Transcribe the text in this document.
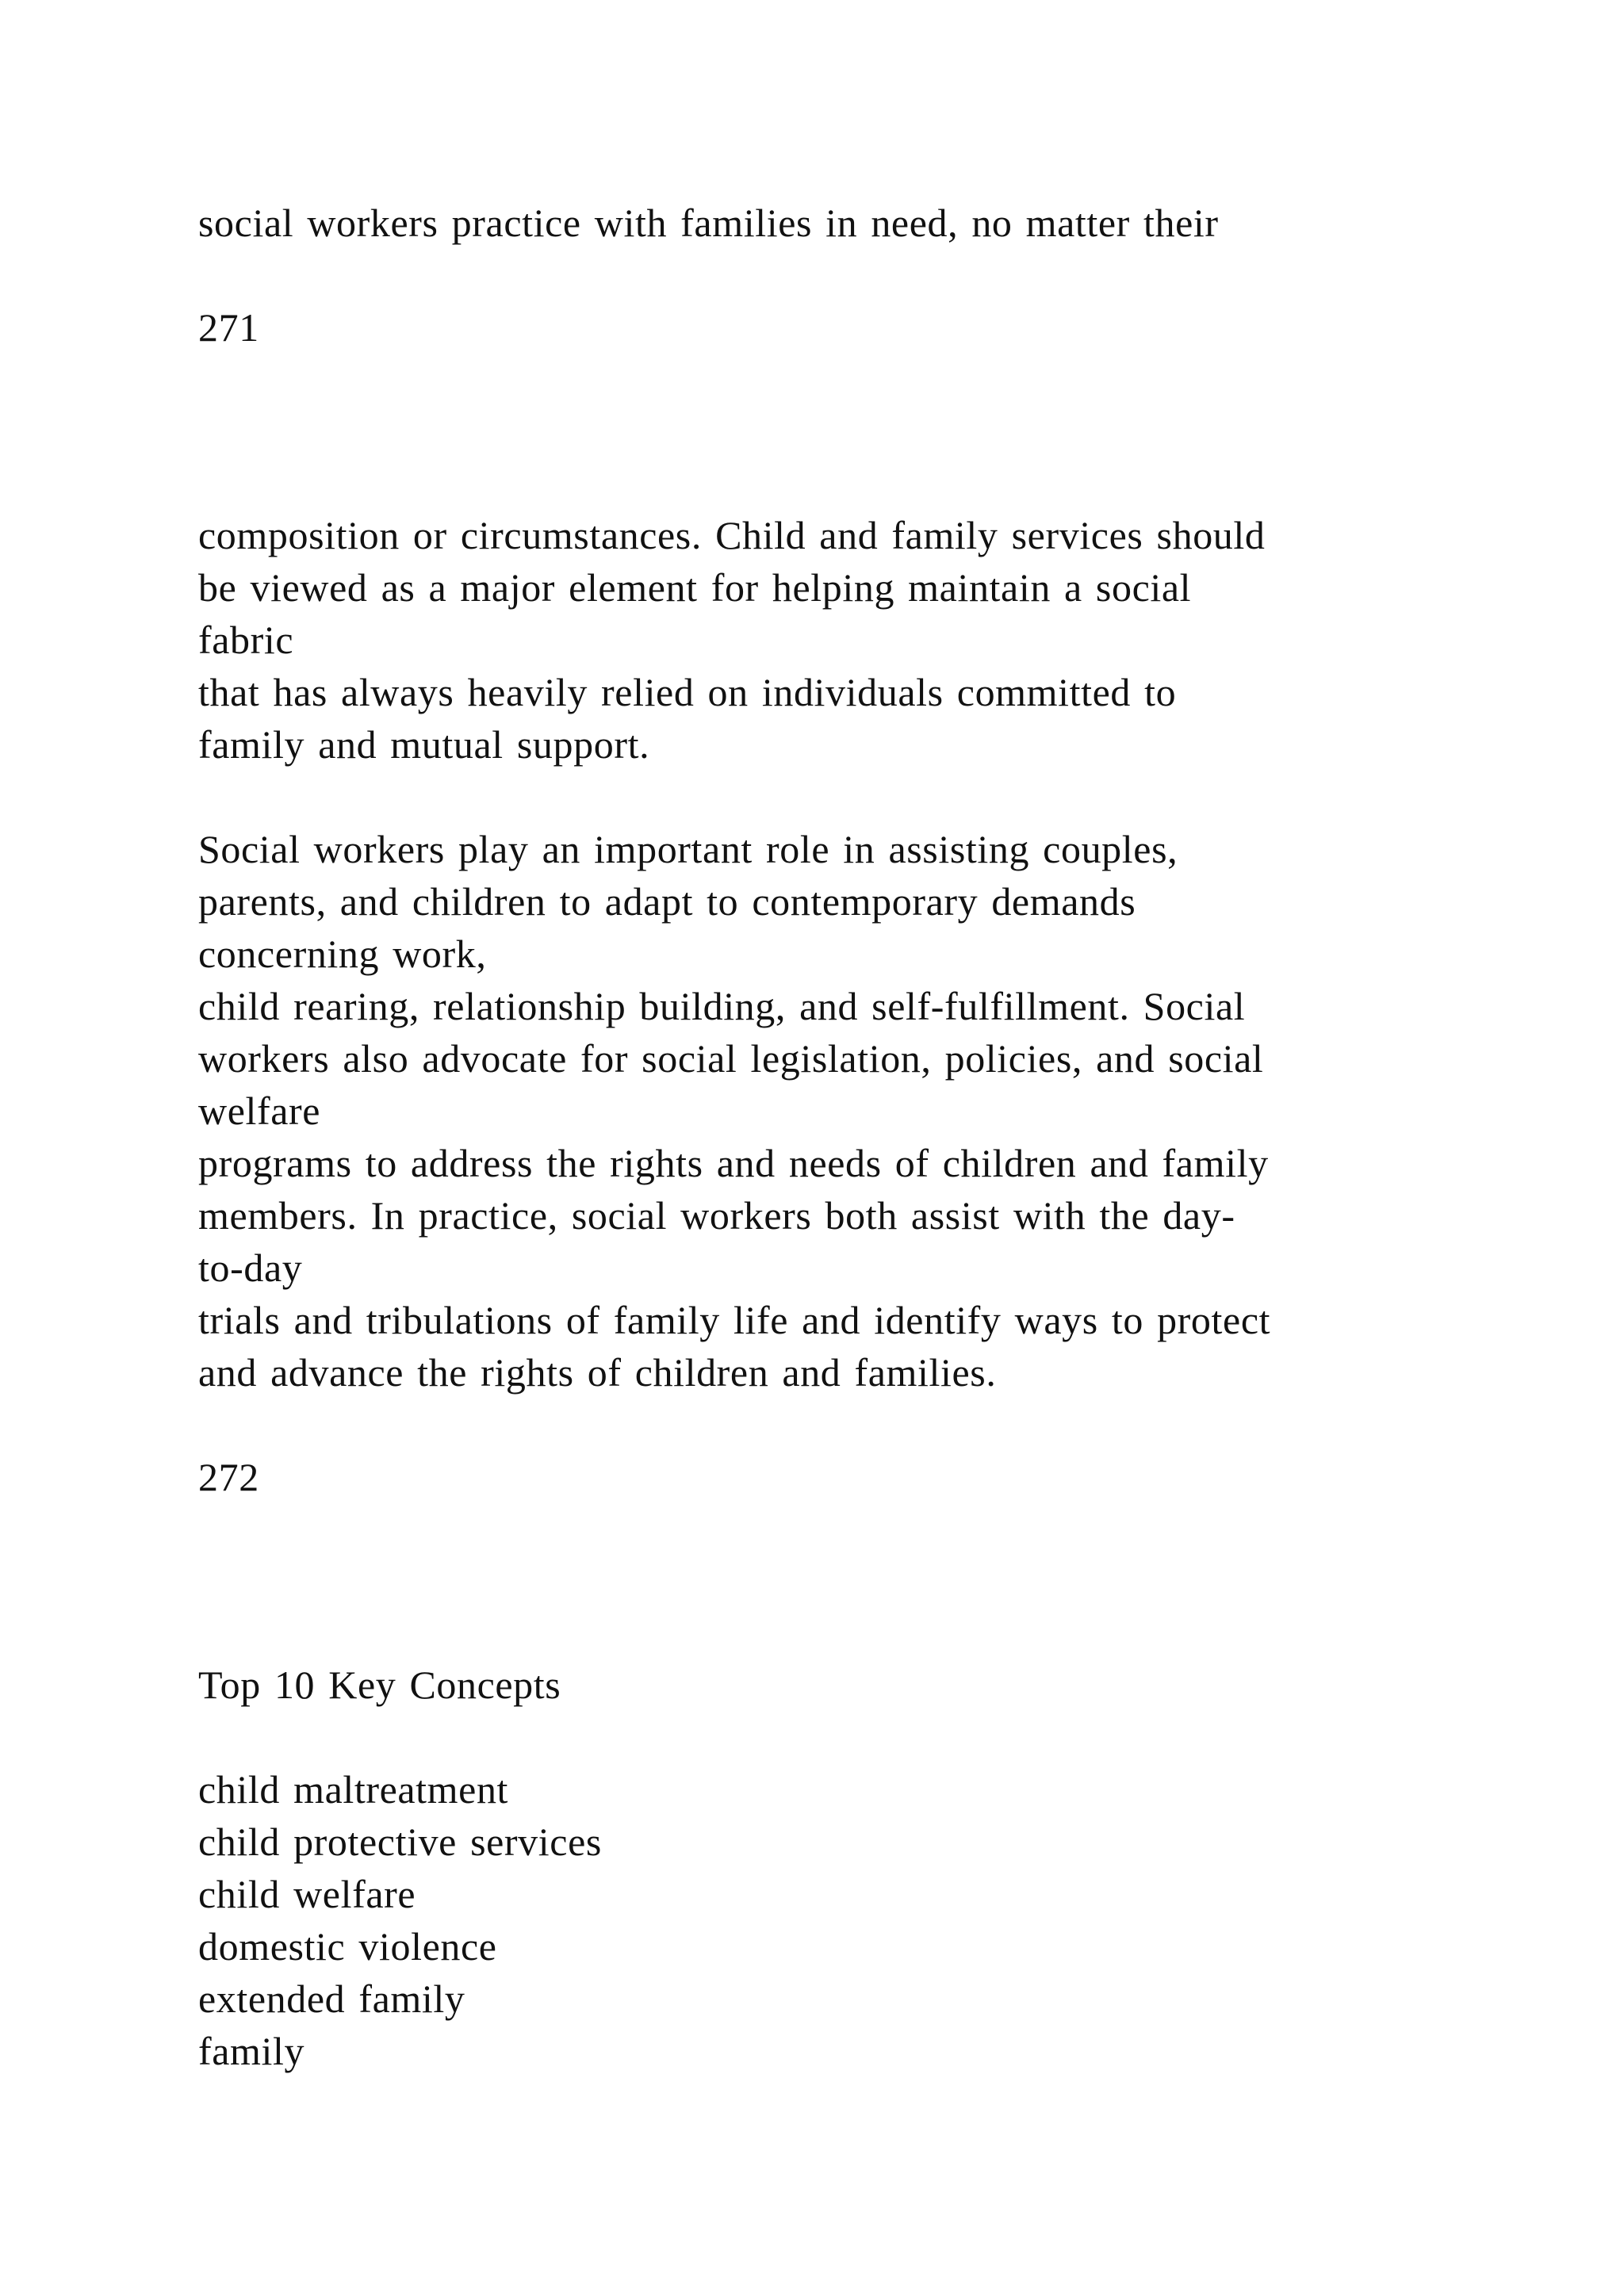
social workers practice with families in need, no matter their
271
composition or circumstances. Child and family services should
be viewed as a major element for helping maintain a social
fabric
that has always heavily relied on individuals committed to
family and mutual support.
Social workers play an important role in assisting couples,
parents, and children to adapt to contemporary demands
concerning work,
child rearing, relationship building, and self-fulfillment. Social
workers also advocate for social legislation, policies, and social
welfare
programs to address the rights and needs of children and family
members. In practice, social workers both assist with the day-
to-day
trials and tribulations of family life and identify ways to protect
and advance the rights of children and families.
272
Top 10 Key Concepts
child maltreatment
child protective services
child welfare
domestic violence
extended family
family
